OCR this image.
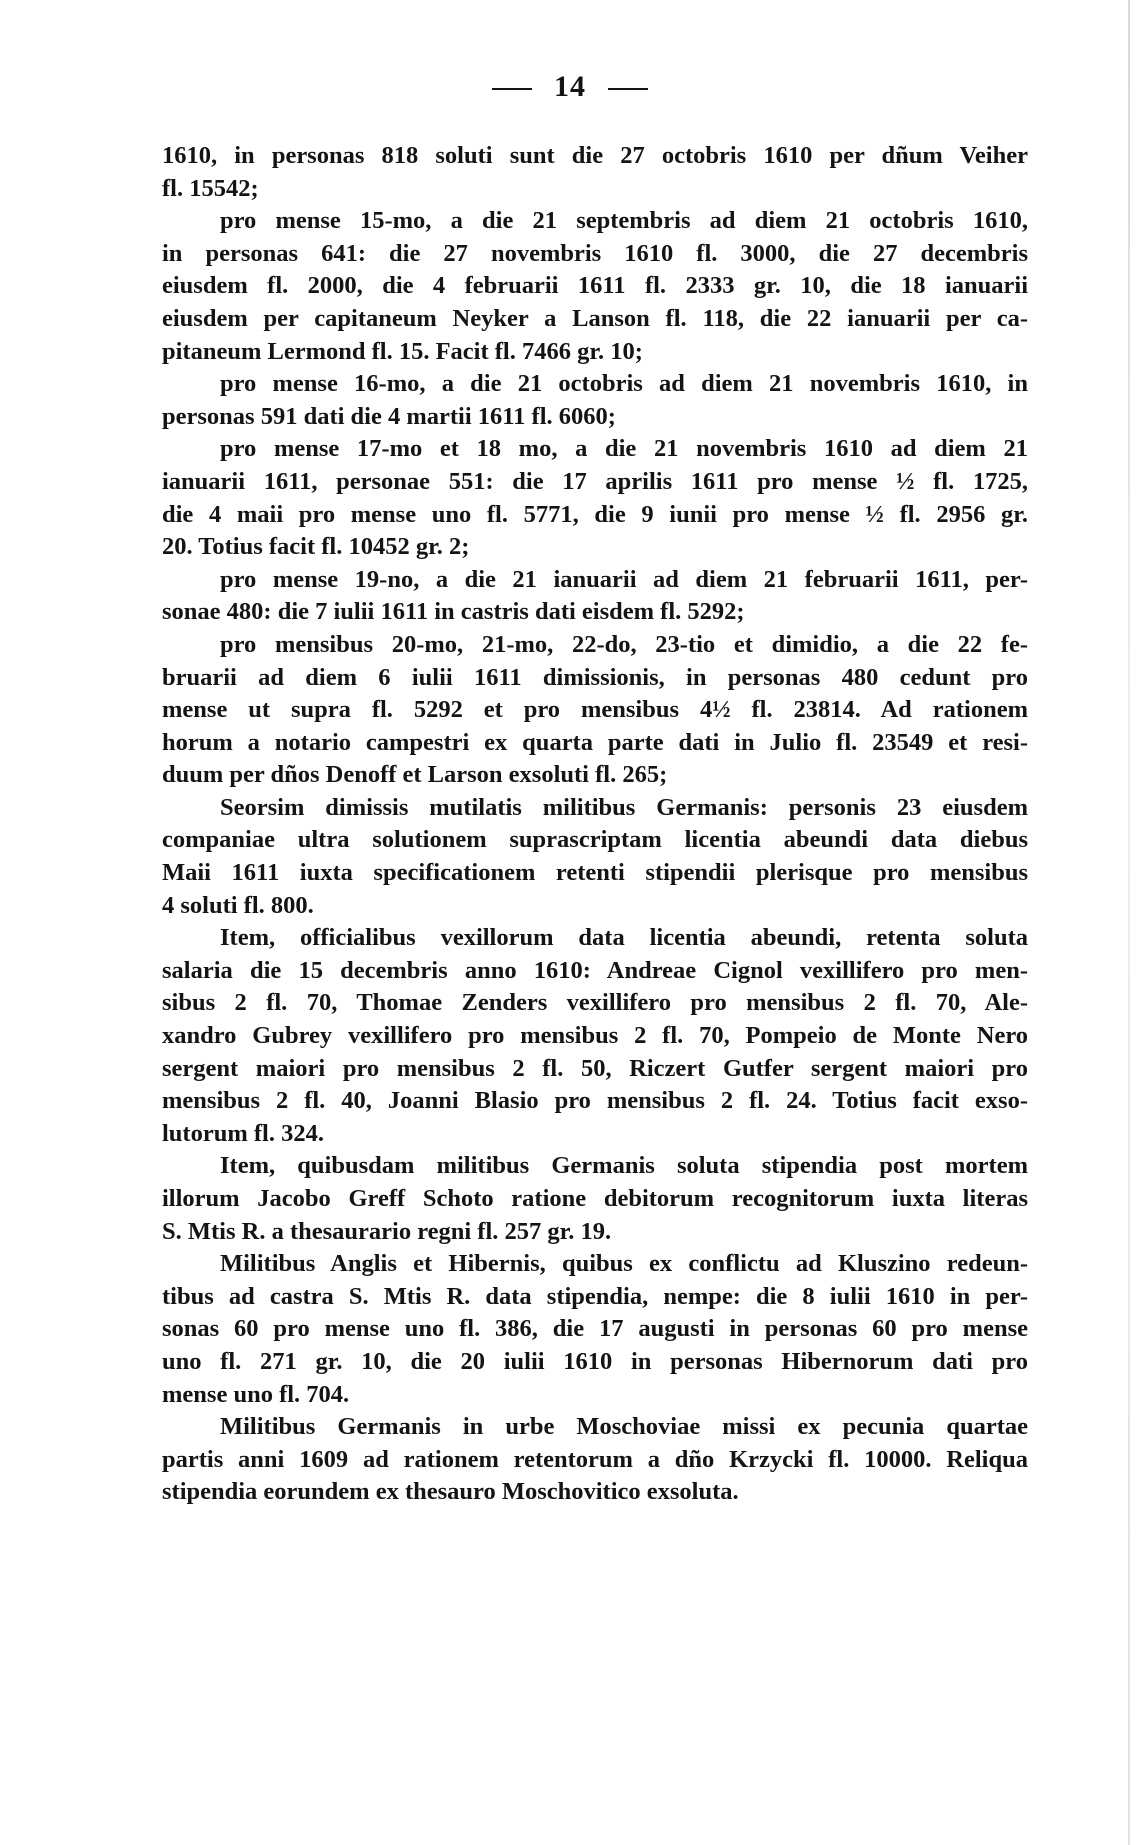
14
1610, in personas 818 soluti sunt die 27 octobris 1610 per dñum Veiher
fl. 15542;
pro mense 15-mo, a die 21 septembris ad diem 21 octobris 1610,
in personas 641: die 27 novembris 1610 fl. 3000, die 27 decembris
eiusdem fl. 2000, die 4 februarii 1611 fl. 2333 gr. 10, die 18 ianuarii
eiusdem per capitaneum Neyker a Lanson fl. 118, die 22 ianuarii per ca-
pitaneum Lermond fl. 15. Facit fl. 7466 gr. 10;
pro mense 16-mo, a die 21 octobris ad diem 21 novembris 1610, in
personas 591 dati die 4 martii 1611 fl. 6060;
pro mense 17-mo et 18 mo, a die 21 novembris 1610 ad diem 21
ianuarii 1611, personae 551: die 17 aprilis 1611 pro mense ½ fl. 1725,
die 4 maii pro mense uno fl. 5771, die 9 iunii pro mense ½ fl. 2956 gr.
20. Totius facit fl. 10452 gr. 2;
pro mense 19-no, a die 21 ianuarii ad diem 21 februarii 1611, per-
sonae 480: die 7 iulii 1611 in castris dati eisdem fl. 5292;
pro mensibus 20-mo, 21-mo, 22-do, 23-tio et dimidio, a die 22 fe-
bruarii ad diem 6 iulii 1611 dimissionis, in personas 480 cedunt pro
mense ut supra fl. 5292 et pro mensibus 4½ fl. 23814. Ad rationem
horum a notario campestri ex quarta parte dati in Julio fl. 23549 et resi-
duum per dños Denoff et Larson exsoluti fl. 265;
Seorsim dimissis mutilatis militibus Germanis: personis 23 eiusdem
companiae ultra solutionem suprascriptam licentia abeundi data diebus
Maii 1611 iuxta specificationem retenti stipendii plerisque pro mensibus
4 soluti fl. 800.
Item, officialibus vexillorum data licentia abeundi, retenta soluta
salaria die 15 decembris anno 1610: Andreae Cignol vexillifero pro men-
sibus 2 fl. 70, Thomae Zenders vexillifero pro mensibus 2 fl. 70, Ale-
xandro Gubrey vexillifero pro mensibus 2 fl. 70, Pompeio de Monte Nero
sergent maiori pro mensibus 2 fl. 50, Riczert Gutfer sergent maiori pro
mensibus 2 fl. 40, Joanni Blasio pro mensibus 2 fl. 24. Totius facit exso-
lutorum fl. 324.
Item, quibusdam militibus Germanis soluta stipendia post mortem
illorum Jacobo Greff Schoto ratione debitorum recognitorum iuxta literas
S. Mtis R. a thesaurario regni fl. 257 gr. 19.
Militibus Anglis et Hibernis, quibus ex conflictu ad Kluszino redeun-
tibus ad castra S. Mtis R. data stipendia, nempe: die 8 iulii 1610 in per-
sonas 60 pro mense uno fl. 386, die 17 augusti in personas 60 pro mense
uno fl. 271 gr. 10, die 20 iulii 1610 in personas Hibernorum dati pro
mense uno fl. 704.
Militibus Germanis in urbe Moschoviae missi ex pecunia quartae
partis anni 1609 ad rationem retentorum a dño Krzycki fl. 10000. Reliqua
stipendia eorundem ex thesauro Moschovitico exsoluta.
